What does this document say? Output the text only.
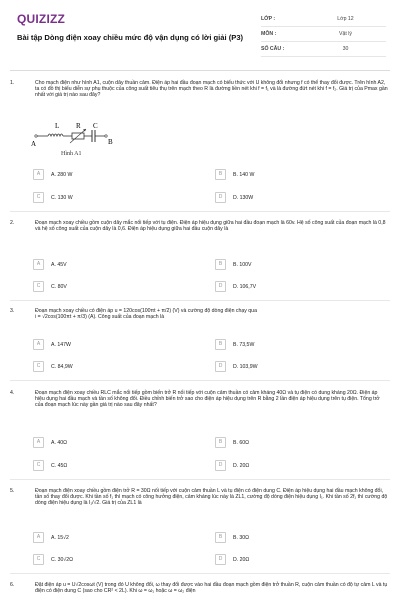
QUIZIZZ
Bài tập Dòng điện xoay chiều mức độ vận dụng có lời giải (P3)
LỚP :	Lớp 12
MÔN :	Vật lý
SỐ CÂU :	30
1.	Cho mạch điện như hình A1, cuộn dây thuần cảm. Điện áp hai đầu đoạn mạch có biểu thức với U không đổi nhưng f có thể thay đổi được. Trên hình A2, ta có đồ thị biểu diễn sự phụ thuộc của công suất tiêu thụ trên mạch theo R là đường liền nét khi f = f₁ và là đường đứt nét khi f = f₂. Giá trị của Pmax gần nhất với giá trị nào sau đây?
L R C
A	B
Hình A1
A	A. 280 W	B	B. 140 W
C	C. 130 W	D	D. 130W
2.	Đoạn mạch xoay chiều gồm cuộn dây mắc nối tiếp với tụ điện. Điện áp hiệu dụng giữa hai đầu đoạn mạch là 60v. Hệ số công suất của đoạn mạch là 0,8 và hệ số công suất của cuộn dây là 0,6. Điện áp hiệu dụng giữa hai đầu cuộn dây là
A	A. 45V	B	B. 100V
C	C. 80V	D	D. 106,7V
3.	Đoạn mạch xoay chiều có điện áp u = 120cos(100πt + π/2) (V) và cường độ dòng điện chạy qua
i = √2cos(100πt + π/3) (A). Công suất của đoạn mạch là
A	A. 147W	B	B. 73,5W
C	C. 84,9W	D	D. 103,9W
4.	Đoạn mạch điện xoay chiều RLC mắc nối tiếp gồm biến trở R nối tiếp với cuộn cảm thuần có cảm kháng 40Ω và tụ điện có dung kháng 20Ω. Điện áp hiệu dụng hai đầu mạch và tần số không đổi. Điều chỉnh biến trở sao cho điện áp hiệu dụng trên R bằng 2 lần điện áp hiệu dụng trên tụ điện. Tổng trở của đoạn mạch lúc này gần giá trị nào sau đây nhất?
A	A. 40Ω	B	B. 60Ω
C	C. 45Ω	D	D. 20Ω
5.	Đoạn mạch điện xoay chiều gồm điện trở R = 30Ω nối tiếp với cuộn cảm thuần L và tụ điện có điện dung C. Điện áp hiệu dụng hai đầu mạch không đổi, tần số thay đổi được. Khi tần số f₁ thì mạch có công hưởng điện, cảm kháng lúc này là ZL1, cường độ dòng điện hiệu dụng I₁. Khi tần số 2f₁ thì cường độ dòng điện hiệu dụng là I₁/√2. Giá trị của ZL1 là
A	A. 15√2	B	B. 30Ω
C	C. 30√2Ω	D	D. 20Ω
6.	Đặt điện áp u = U√2cosωt (V) trong đó U không đổi, ω thay đổi được vào hai đầu đoạn mạch gồm điện trở thuần R, cuộn cảm thuần có độ tự cảm L và tụ điện có điện dung C (sao cho CR² < 2L). Khi ω = ω₁ hoặc ω = ω₂ điện
